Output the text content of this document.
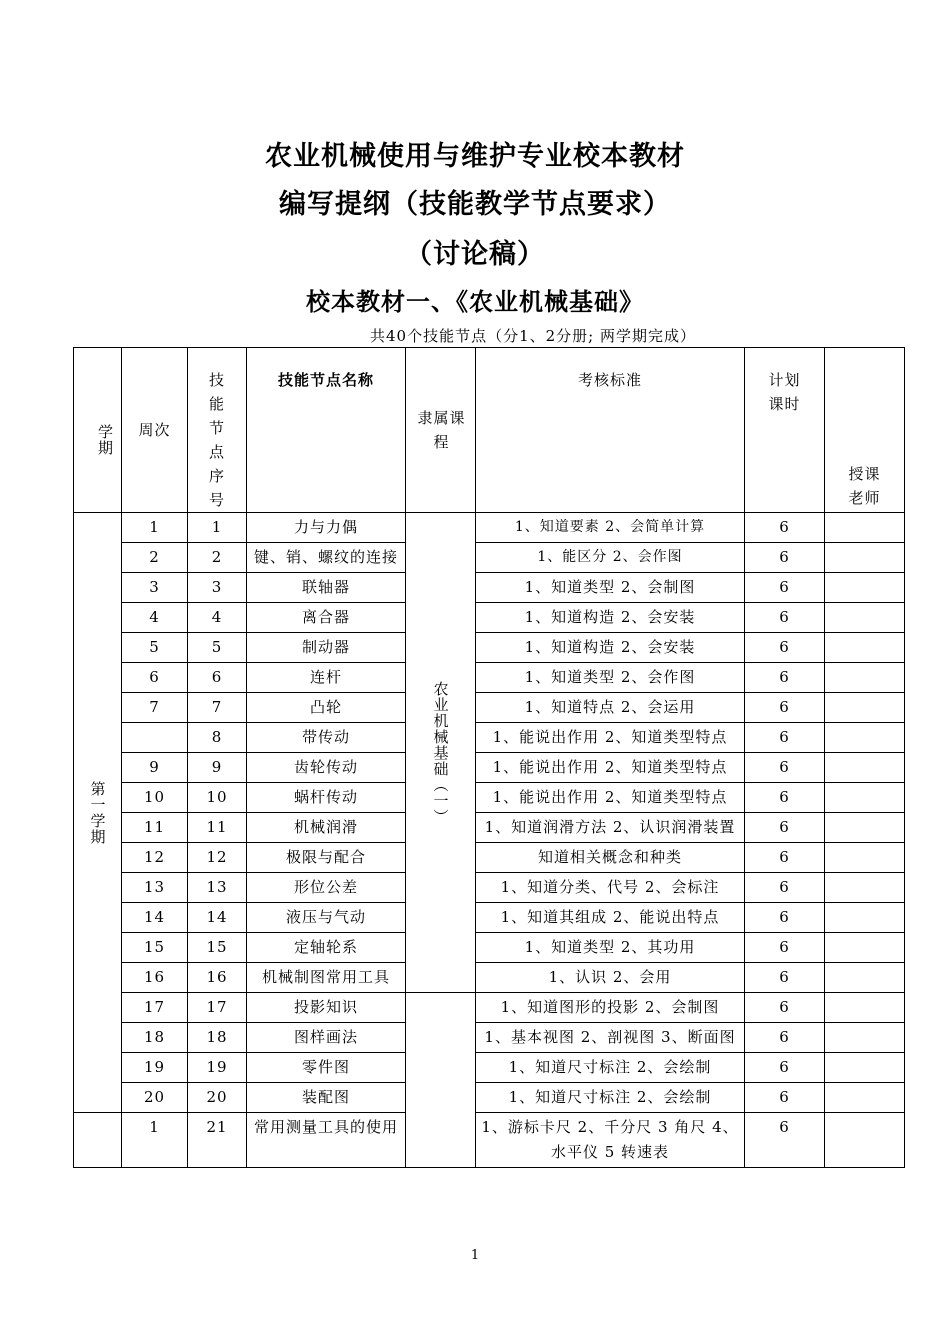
农业机械使用与维护专业校本教材
编写提纲（技能教学节点要求）
（讨论稿）
校本教材一、《农业机械基础》
共40个技能节点（分1、2分册; 两学期完成）
学期	周次	技能节点序号	技能节点名称	隶属课程	考核标准	计划课时	授课老师
第一学期	1	1	力与力偶	农业机械基础（一）	1、知道要素 2、会简单计算	6	
	2	2	键、销、螺纹的连接		1、能区分 2、会作图	6	
	3	3	联轴器		1、知道类型 2、会制图	6	
	4	4	离合器		1、知道构造 2、会安装	6	
	5	5	制动器		1、知道构造 2、会安装	6	
	6	6	连杆		1、知道类型 2、会作图	6	
	7	7	凸轮		1、知道特点 2、会运用	6	
		8	带传动		1、能说出作用 2、知道类型特点	6	
	9	9	齿轮传动		1、能说出作用 2、知道类型特点	6	
	10	10	蜗杆传动		1、能说出作用 2、知道类型特点	6	
	11	11	机械润滑		1、知道润滑方法 2、认识润滑装置	6	
	12	12	极限与配合		知道相关概念和种类	6	
	13	13	形位公差		1、知道分类、代号 2、会标注	6	
	14	14	液压与气动		1、知道其组成 2、能说出特点	6	
	15	15	定轴轮系		1、知道类型 2、其功用	6	
	16	16	机械制图常用工具		1、认识 2、会用	6	
	17	17	投影知识		1、知道图形的投影 2、会制图	6	
	18	18	图样画法		1、基本视图 2、剖视图 3、断面图	6	
	19	19	零件图		1、知道尺寸标注 2、会绘制	6	
	20	20	装配图		1、知道尺寸标注 2、会绘制	6	
	1	21	常用测量工具的使用		1、游标卡尺 2、千分尺 3 角尺 4、水平仪 5 转速表	6	
1
